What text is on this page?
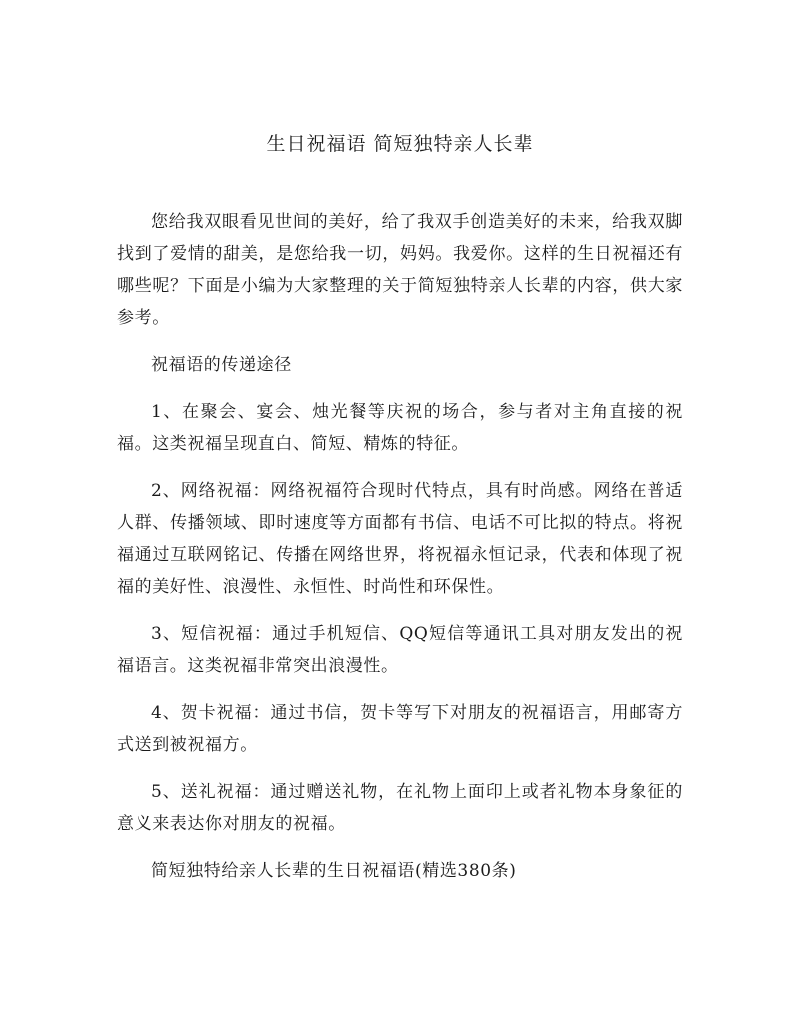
生日祝福语 简短独特亲人长辈

您给我双眼看见世间的美好，给了我双手创造美好的未来，给我双脚找到了爱情的甜美，是您给我一切，妈妈。我爱你。这样的生日祝福还有哪些呢？下面是小编为大家整理的关于简短独特亲人长辈的内容，供大家参考。

祝福语的传递途径

1、在聚会、宴会、烛光餐等庆祝的场合，参与者对主角直接的祝福。这类祝福呈现直白、简短、精炼的特征。

2、网络祝福：网络祝福符合现时代特点，具有时尚感。网络在普适人群、传播领域、即时速度等方面都有书信、电话不可比拟的特点。将祝福通过互联网铭记、传播在网络世界，将祝福永恒记录，代表和体现了祝福的美好性、浪漫性、永恒性、时尚性和环保性。

3、短信祝福：通过手机短信、QQ短信等通讯工具对朋友发出的祝福语言。这类祝福非常突出浪漫性。

4、贺卡祝福：通过书信，贺卡等写下对朋友的祝福语言，用邮寄方式送到被祝福方。

5、送礼祝福：通过赠送礼物，在礼物上面印上或者礼物本身象征的意义来表达你对朋友的祝福。

简短独特给亲人长辈的生日祝福语(精选380条)
